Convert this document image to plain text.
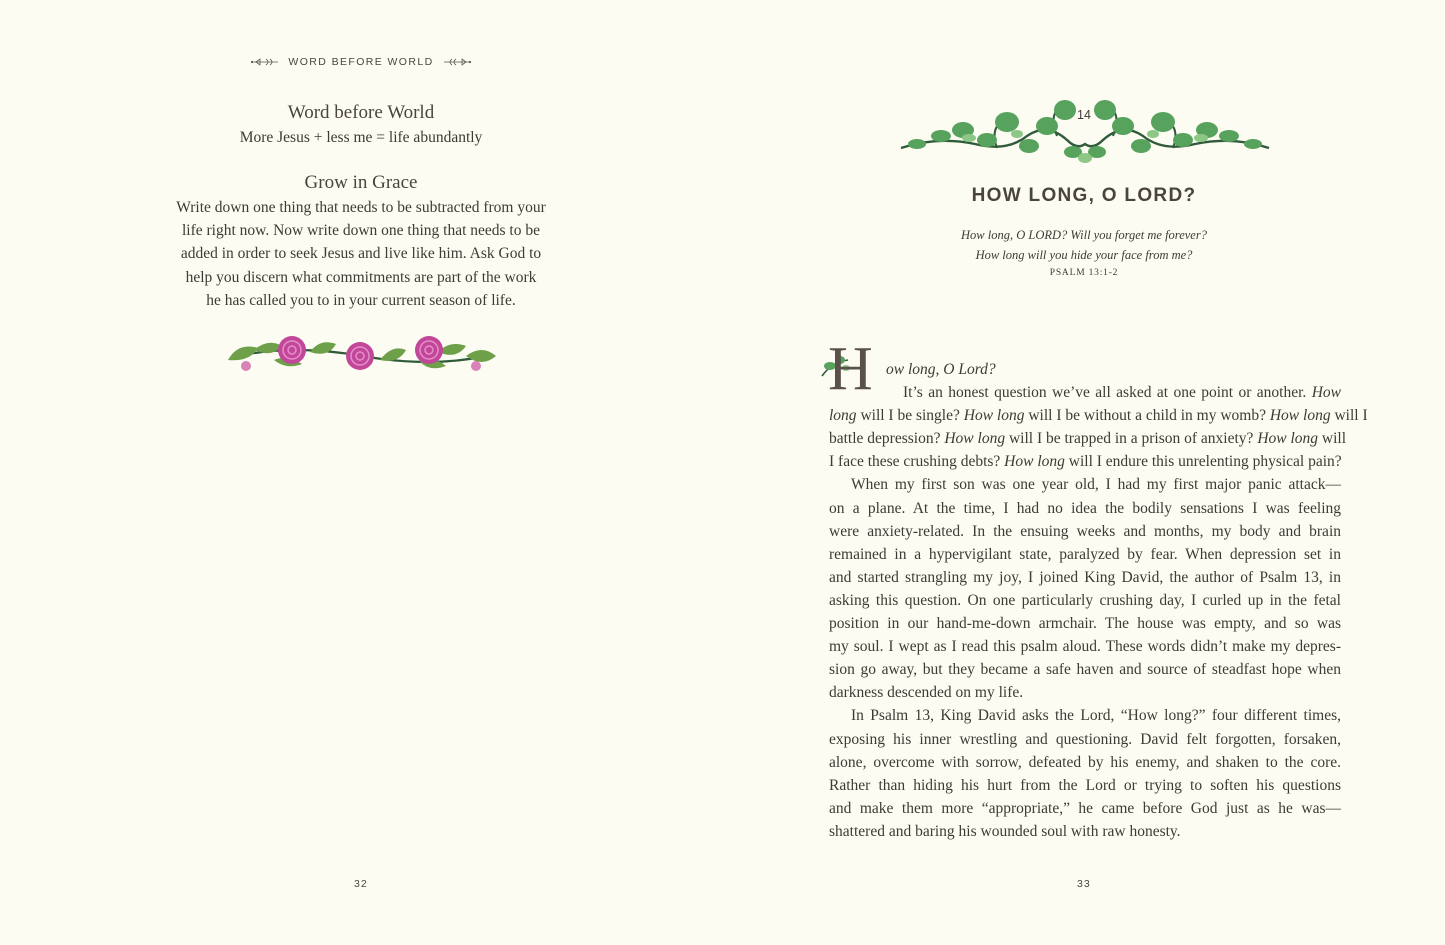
WORD BEFORE WORLD
Word before World
More Jesus + less me = life abundantly
Grow in Grace
Write down one thing that needs to be subtracted from your
life right now. Now write down one thing that needs to be
added in order to seek Jesus and live like him. Ask God to
help you discern what commitments are part of the work
he has called you to in your current season of life.
32
14
HOW LONG, O LORD?
How long, O LORD? Will you forget me forever?
How long will you hide your face from me?
PSALM 13:1-2
H ow long, O Lord?
It’s an honest question we’ve all asked at one point or another. How
long will I be single? How long will I be without a child in my womb? How long will I
battle depression? How long will I be trapped in a prison of anxiety? How long will
I face these crushing debts? How long will I endure this unrelenting physical pain?
When my first son was one year old, I had my first major panic attack—
on a plane. At the time, I had no idea the bodily sensations I was feeling
were anxiety-related. In the ensuing weeks and months, my body and brain
remained in a hypervigilant state, paralyzed by fear. When depression set in
and started strangling my joy, I joined King David, the author of Psalm 13, in
asking this question. On one particularly crushing day, I curled up in the fetal
position in our hand-me-down armchair. The house was empty, and so was
my soul. I wept as I read this psalm aloud. These words didn’t make my depres-
sion go away, but they became a safe haven and source of steadfast hope when
darkness descended on my life.
In Psalm 13, King David asks the Lord, “How long?” four different times,
exposing his inner wrestling and questioning. David felt forgotten, forsaken,
alone, overcome with sorrow, defeated by his enemy, and shaken to the core.
Rather than hiding his hurt from the Lord or trying to soften his questions
and make them more “appropriate,” he came before God just as he was—
shattered and baring his wounded soul with raw honesty.
33
